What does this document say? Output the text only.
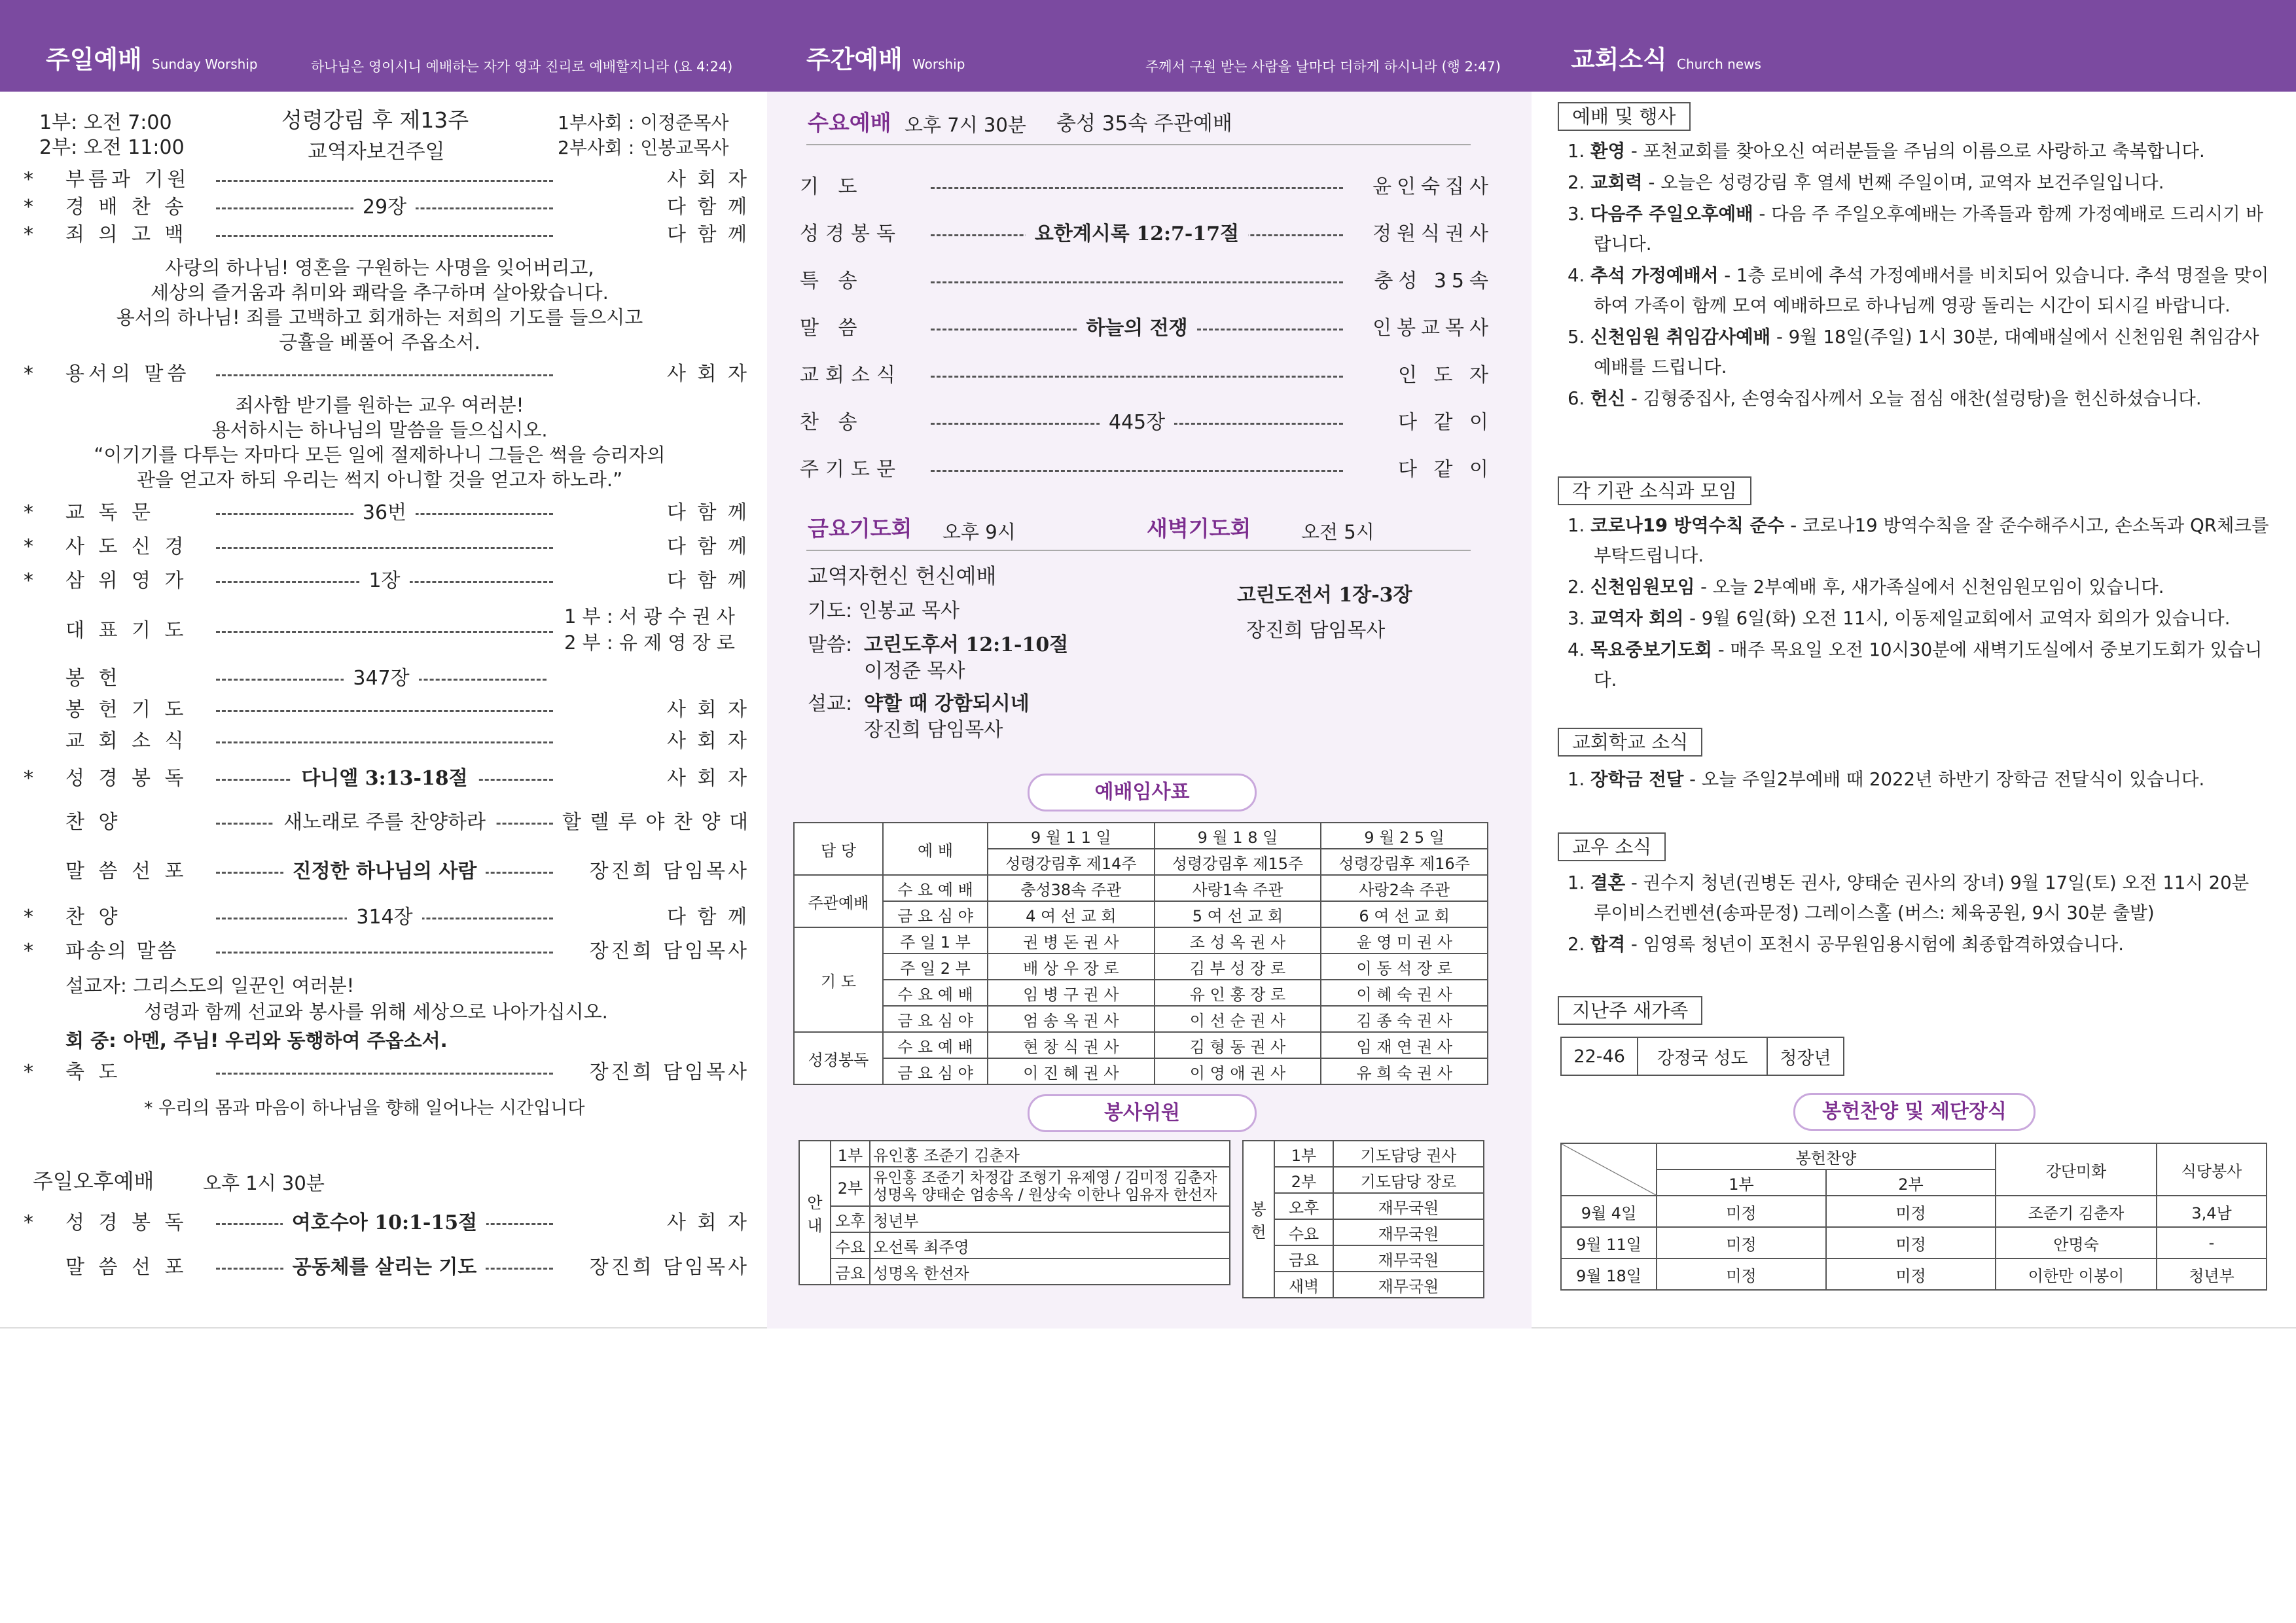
주일예배 Sunday Worship	하나님은 영이시니 예배하는 자가 영과 진리로 예배할지니라 (요 4:24)
1부: 오전 7:00
2부: 오전 11:00
성령강림 후 제13주
교역자보건주일
1부사회 : 이정준목사
2부사회 : 인봉교목사
*	부름과 기원	사 회 자
*	경 배 찬 송	29장	다 함 께
*	죄 의 고 백	다 함 께
사랑의 하나님! 영혼을 구원하는 사명을 잊어버리고,
세상의 즐거움과 취미와 쾌락을 추구하며 살아왔습니다.
용서의 하나님! 죄를 고백하고 회개하는 저희의 기도를 들으시고
긍휼을 베풀어 주옵소서.
*	용서의 말씀	사 회 자
죄사함 받기를 원하는 교우 여러분!
용서하시는 하나님의 말씀을 들으십시오.
“이기기를 다투는 자마다 모든 일에 절제하나니 그들은 썩을 승리자의
관을 얻고자 하되 우리는 썩지 아니할 것을 얻고자 하노라.”
*	교 독 문	36번	다 함 께
*	사 도 신 경	다 함 께
*	삼 위 영 가	1장	다 함 께
대 표 기 도
1 부 : 서 광 수 권 사
2 부 : 유 제 영 장 로
봉 헌	347장
봉 헌 기 도	사 회 자
교 회 소 식	사 회 자
*	성 경 봉 독	다니엘 3:13-18절	사 회 자
찬 양	새노래로 주를 찬양하라	할 렐 루 야 찬 양 대
말 씀 선 포	진정한 하나님의 사람	장진희 담임목사
*	찬 양	314장	다 함 께
*	파송의 말씀	장진희 담임목사
설교자: 그리스도의 일꾼인 여러분!
성령과 함께 선교와 봉사를 위해 세상으로 나아가십시오.
회 중: 아멘, 주님! 우리와 동행하여 주옵소서.
*	축 도	장진희 담임목사
* 우리의 몸과 마음이 하나님을 향해 일어나는 시간입니다
주일오후예배	오후 1시 30분
*	성 경 봉 독	여호수아 10:1-15절	사 회 자
말 씀 선 포	공동체를 살리는 기도	장진희 담임목사
주간예배 Worship	주께서 구원 받는 사람을 날마다 더하게 하시니라 (행 2:47)
수요예배 오후 7시 30분 충성 35속 주관예배
기 도	윤인숙집사
성경봉독	요한계시록 12:7-17절	정원식권사
특 송	충성 35속
말 씀	하늘의 전쟁	인봉교목사
교회소식	인 도 자
찬 송	445장	다 같 이
주기도문	다 같 이
금요기도회 오후 9시	새벽기도회	오전 5시
교역자헌신 헌신예배
기도: 인봉교 목사
말씀: 고린도후서 12:1-10절
이정준 목사
설교: 약할 때 강함되시네
장진희 담임목사
고린도전서 1장-3장
장진희 담임목사
예배임사표
담 당	예 배	9 월 1 1 일	9 월 1 8 일	9 월 2 5 일
		성령강림후 제14주	성령강림후 제15주	성령강림후 제16주
주관예배	수 요 예 배	충성38속 주관	사랑1속 주관	사랑2속 주관
	금 요 심 야	4 여 선 교 회	5 여 선 교 회	6 여 선 교 회
기 도	주 일 1 부	권 병 돈 권 사	조 성 옥 권 사	윤 영 미 권 사
	주 일 2 부	배 상 우 장 로	김 부 성 장 로	이 동 석 장 로
	수 요 예 배	임 병 구 권 사	유 인 홍 장 로	이 혜 숙 권 사
	금 요 심 야	엄 송 옥 권 사	이 선 순 권 사	김 종 숙 권 사
성경봉독	수 요 예 배	현 창 식 권 사	김 형 동 권 사	임 재 연 권 사
	금 요 심 야	이 진 혜 권 사	이 영 애 권 사	유 희 숙 권 사
봉사위원
안 내	1부	유인홍 조준기 김춘자
	2부	유인홍 조준기 차정갑 조형기 유제영 / 김미정 김춘자 성명옥 양태순 엄송옥 / 원상숙 이한나 임유자 한선자
	오후	청년부
	수요	오선록 최주영
	금요	성명옥 한선자
봉 헌	1부	기도담당 권사
	2부	기도담당 장로
	오후	재무국원
	수요	재무국원
	금요	재무국원
	새벽	재무국원
교회소식 Church news
예배 및 행사
1. 환영 - 포천교회를 찾아오신 여러분들을 주님의 이름으로 사랑하고 축복합니다.
2. 교회력 - 오늘은 성령강림 후 열세 번째 주일이며, 교역자 보건주일입니다.
3. 다음주 주일오후예배 - 다음 주 주일오후예배는 가족들과 함께 가정예배로 드리시기 바랍니다.
4. 추석 가정예배서 - 1층 로비에 추석 가정예배서를 비치되어 있습니다. 추석 명절을 맞이하여 가족이 함께 모여 예배하므로 하나님께 영광 돌리는 시간이 되시길 바랍니다.
5. 신천임원 취임감사예배 - 9월 18일(주일) 1시 30분, 대예배실에서 신천임원 취임감사예배를 드립니다.
6. 헌신 - 김형중집사, 손영숙집사께서 오늘 점심 애찬(설렁탕)을 헌신하셨습니다.
각 기관 소식과 모임
1. 코로나19 방역수칙 준수 - 코로나19 방역수칙을 잘 준수해주시고, 손소독과 QR체크를 부탁드립니다.
2. 신천임원모임 - 오늘 2부예배 후, 새가족실에서 신천임원모임이 있습니다.
3. 교역자 회의 - 9월 6일(화) 오전 11시, 이동제일교회에서 교역자 회의가 있습니다.
4. 목요중보기도회 - 매주 목요일 오전 10시30분에 새벽기도실에서 중보기도회가 있습니다.
교회학교 소식
1. 장학금 전달 - 오늘 주일2부예배 때 2022년 하반기 장학금 전달식이 있습니다.
교우 소식
1. 결혼 - 권수지 청년(권병돈 권사, 양태순 권사의 장녀) 9월 17일(토) 오전 11시 20분 루이비스컨벤션(송파문정) 그레이스홀 (버스: 체육공원, 9시 30분 출발)
2. 합격 - 임영록 청년이 포천시 공무원임용시험에 최종합격하였습니다.
지난주 새가족
22-46	강정국 성도	청장년
봉헌찬양 및 제단장식
	봉헌찬양		강단미화	식당봉사
	1부	2부		
9월 4일	미정	미정	조준기 김춘자	3,4남
9월 11일	미정	미정	안명숙	-
9월 18일	미정	미정	이한만 이봉이	청년부
